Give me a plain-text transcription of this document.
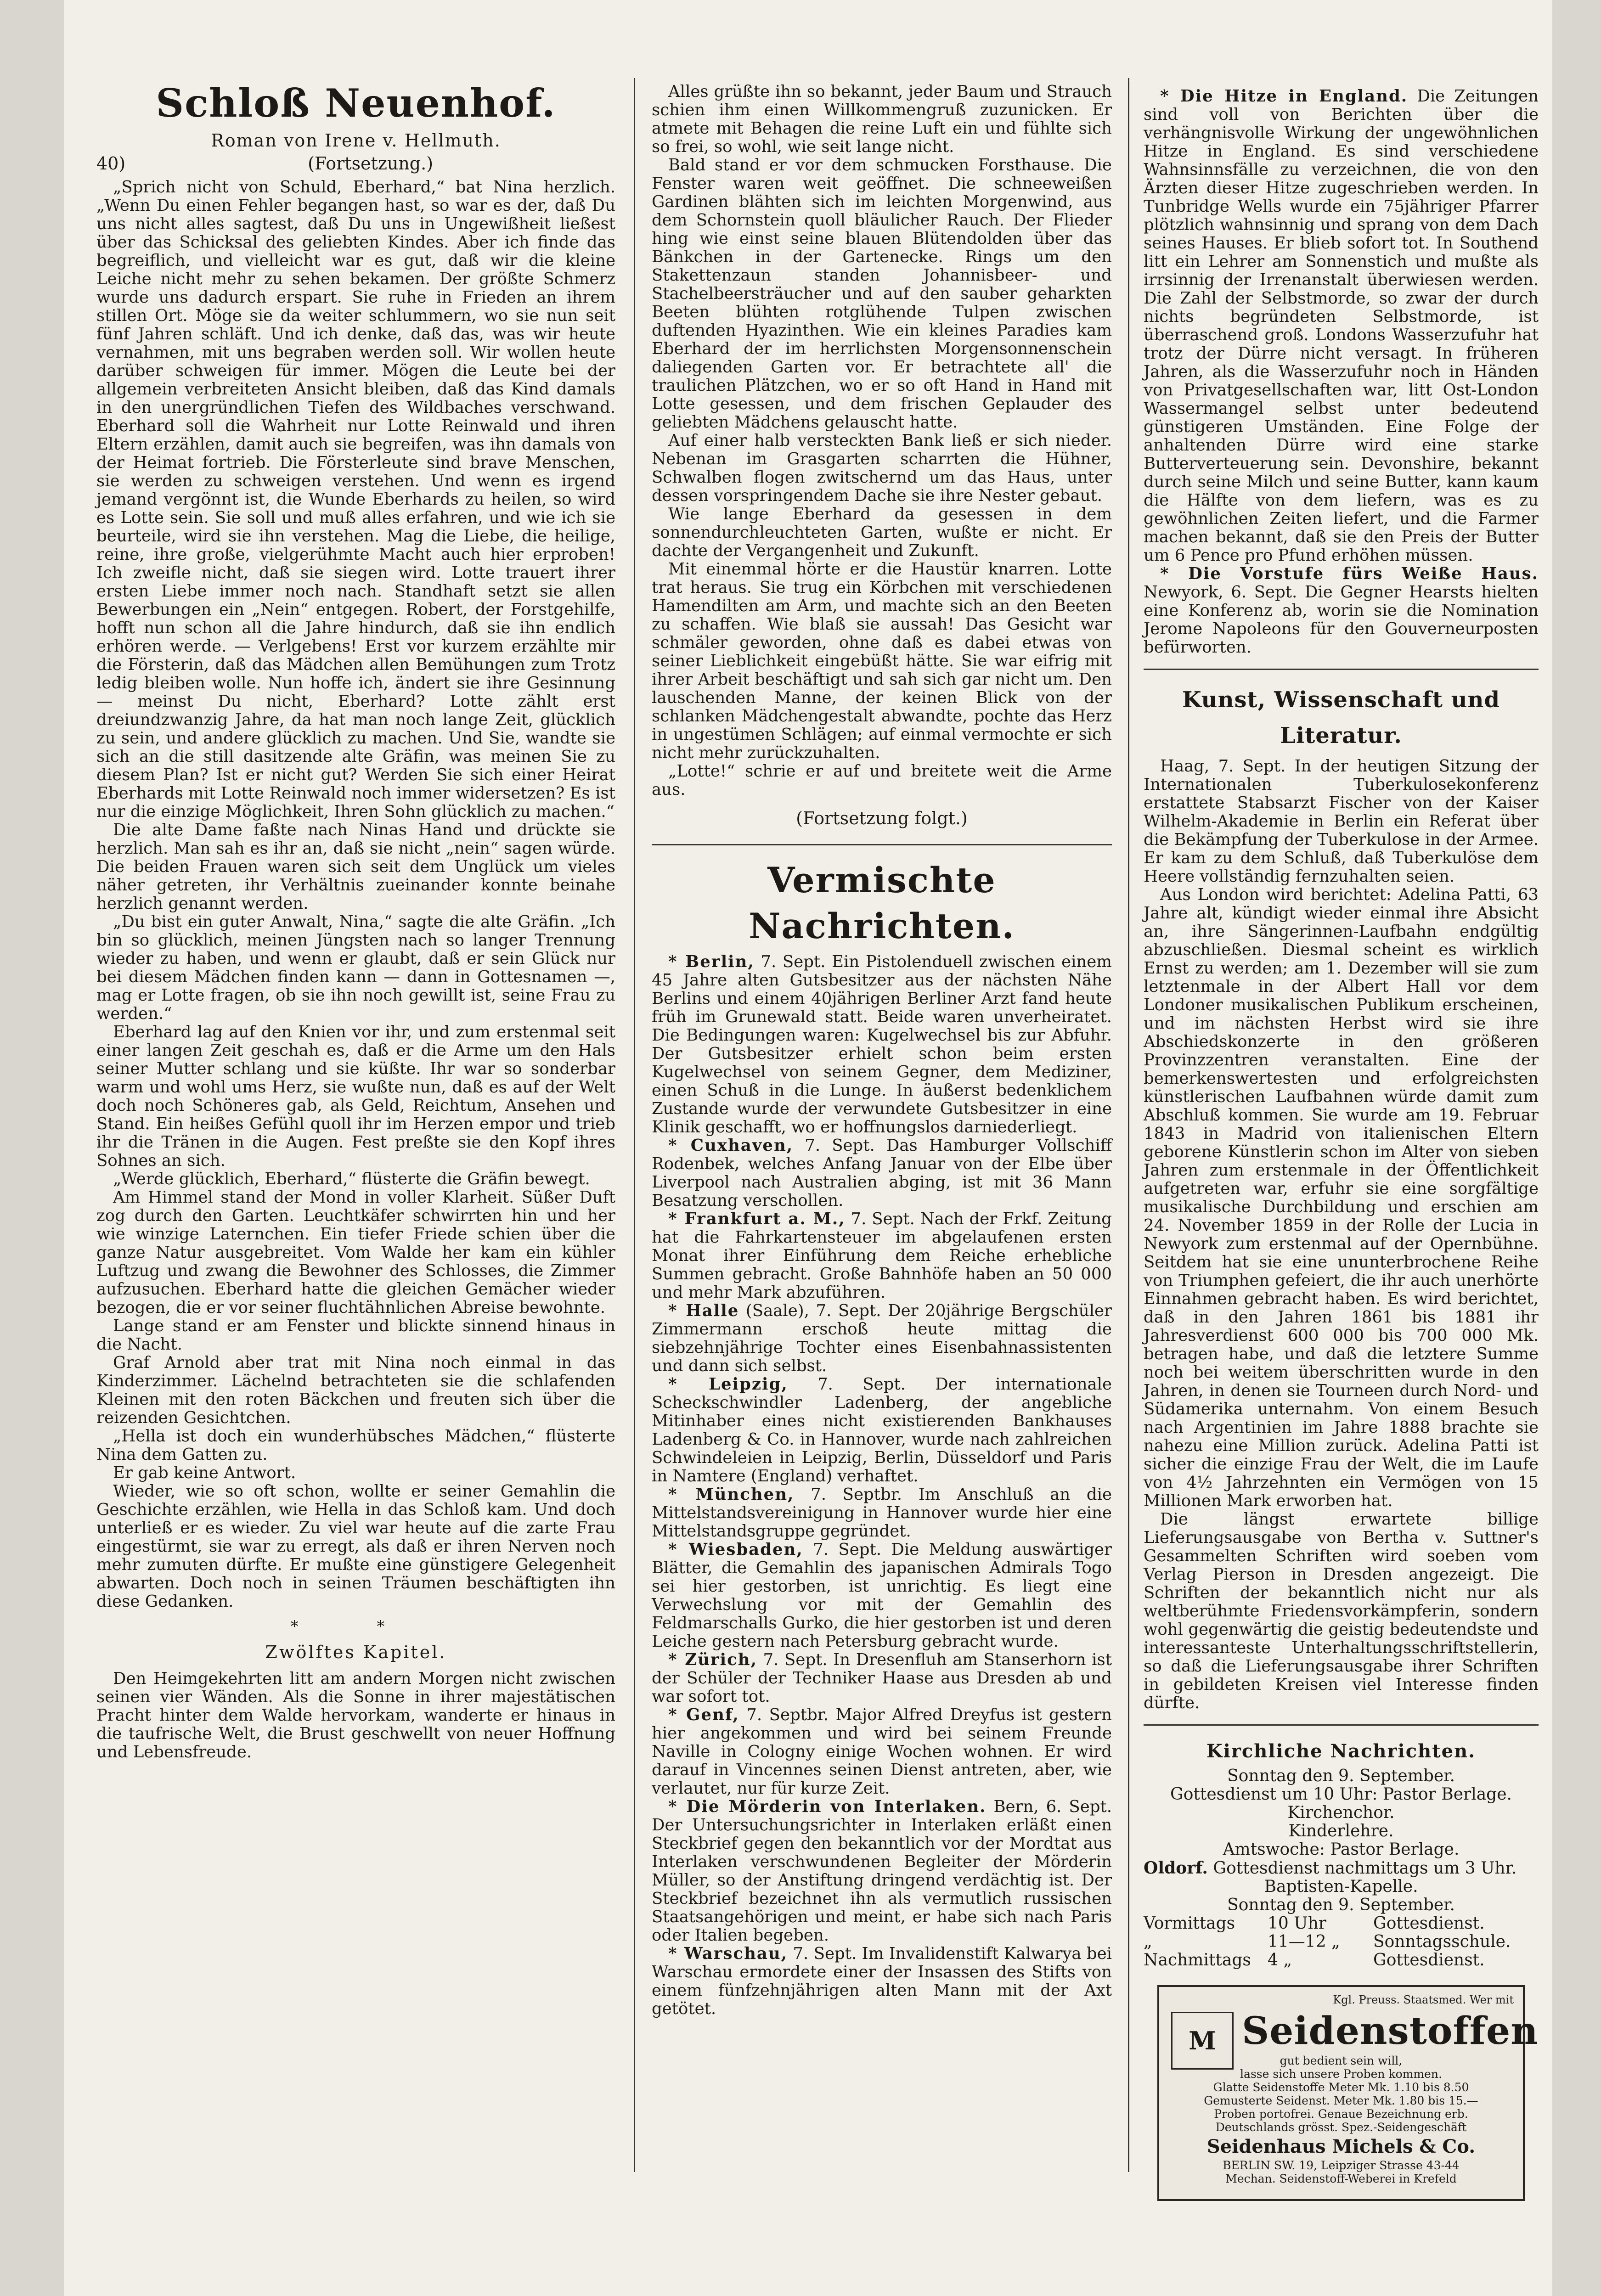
Schloß Neuenhof.

Roman von Irene v. Hellmuth.

40)	(Fortsetzung.)

„Sprich nicht von Schuld, Eberhard,“ bat Nina herzlich. „Wenn Du einen Fehler begangen hast, so war es der, daß Du uns nicht alles sagtest, daß Du uns in Ungewißheit ließest über das Schicksal des geliebten Kindes. Aber ich finde das begreiflich, und vielleicht war es gut, daß wir die kleine Leiche nicht mehr zu sehen bekamen. Der größte Schmerz wurde uns dadurch erspart. Sie ruhe in Frieden an ihrem stillen Ort. Möge sie da weiter schlummern, wo sie nun seit fünf Jahren schläft. Und ich denke, daß das, was wir heute vernahmen, mit uns begraben werden soll. Wir wollen heute darüber schweigen für immer. Mögen die Leute bei der allgemein verbreiteten Ansicht bleiben, daß das Kind damals in den unergründlichen Tiefen des Wildbaches verschwand. Eberhard soll die Wahrheit nur Lotte Reinwald und ihren Eltern erzählen, damit auch sie begreifen, was ihn damals von der Heimat fortrieb. Die Försterleute sind brave Menschen, sie werden zu schweigen verstehen. Und wenn es irgend jemand vergönnt ist, die Wunde Eberhards zu heilen, so wird es Lotte sein. Sie soll und muß alles erfahren, und wie ich sie beurteile, wird sie ihn verstehen. Mag die Liebe, die heilige, reine, ihre große, vielgerühmte Macht auch hier erproben! Ich zweifle nicht, daß sie siegen wird. Lotte trauert ihrer ersten Liebe immer noch nach. Standhaft setzt sie allen Bewerbungen ein „Nein“ entgegen. Robert, der Forstgehilfe, hofft nun schon all die Jahre hindurch, daß sie ihn endlich erhören werde. — Verlgebens! Erst vor kurzem erzählte mir die Försterin, daß das Mädchen allen Bemühungen zum Trotz ledig bleiben wolle. Nun hoffe ich, ändert sie ihre Gesinnung — meinst Du nicht, Eberhard? Lotte zählt erst dreiundzwanzig Jahre, da hat man noch lange Zeit, glücklich zu sein, und andere glücklich zu machen. Und Sie, wandte sie sich an die still dasitzende alte Gräfin, was meinen Sie zu diesem Plan? Ist er nicht gut? Werden Sie sich einer Heirat Eberhards mit Lotte Reinwald noch immer widersetzen? Es ist nur die einzige Möglichkeit, Ihren Sohn glücklich zu machen.“

Die alte Dame faßte nach Ninas Hand und drückte sie herzlich. Man sah es ihr an, daß sie nicht „nein“ sagen würde. Die beiden Frauen waren sich seit dem Unglück um vieles näher getreten, ihr Verhältnis zueinander konnte beinahe herzlich genannt werden.

„Du bist ein guter Anwalt, Nina,“ sagte die alte Gräfin. „Ich bin so glücklich, meinen Jüngsten nach so langer Trennung wieder zu haben, und wenn er glaubt, daß er sein Glück nur bei diesem Mädchen finden kann — dann in Gottesnamen —, mag er Lotte fragen, ob sie ihn noch gewillt ist, seine Frau zu werden.“

Eberhard lag auf den Knien vor ihr, und zum erstenmal seit einer langen Zeit geschah es, daß er die Arme um den Hals seiner Mutter schlang und sie küßte. Ihr war so sonderbar warm und wohl ums Herz, sie wußte nun, daß es auf der Welt doch noch Schöneres gab, als Geld, Reichtum, Ansehen und Stand. Ein heißes Gefühl quoll ihr im Herzen empor und trieb ihr die Tränen in die Augen. Fest preßte sie den Kopf ihres Sohnes an sich.

„Werde glücklich, Eberhard,“ flüsterte die Gräfin bewegt.

Am Himmel stand der Mond in voller Klarheit. Süßer Duft zog durch den Garten. Leuchtkäfer schwirrten hin und her wie winzige Laternchen. Ein tiefer Friede schien über die ganze Natur ausgebreitet. Vom Walde her kam ein kühler Luftzug und zwang die Bewohner des Schlosses, die Zimmer aufzusuchen. Eberhard hatte die gleichen Gemächer wieder bezogen, die er vor seiner fluchtähnlichen Abreise bewohnte.

Lange stand er am Fenster und blickte sinnend hinaus in die Nacht.

Graf Arnold aber trat mit Nina noch einmal in das Kinderzimmer. Lächelnd betrachteten sie die schlafenden Kleinen mit den roten Bäckchen und freuten sich über die reizenden Gesichtchen.

„Hella ist doch ein wunderhübsches Mädchen,“ flüsterte Nina dem Gatten zu.

Er gab keine Antwort.

Wieder, wie so oft schon, wollte er seiner Gemahlin die Geschichte erzählen, wie Hella in das Schloß kam. Und doch unterließ er es wieder. Zu viel war heute auf die zarte Frau eingestürmt, sie war zu erregt, als daß er ihren Nerven noch mehr zumuten dürfte. Er mußte eine günstigere Gelegenheit abwarten. Doch noch in seinen Träumen beschäftigten ihn diese Gedanken.

* *

Zwölftes Kapitel.

Den Heimgekehrten litt am andern Morgen nicht zwischen seinen vier Wänden. Als die Sonne in ihrer majestätischen Pracht hinter dem Walde hervorkam, wanderte er hinaus in die taufrische Welt, die Brust geschwellt von neuer Hoffnung und Lebensfreude.

Alles grüßte ihn so bekannt, jeder Baum und Strauch schien ihm einen Willkommengruß zuzunicken. Er atmete mit Behagen die reine Luft ein und fühlte sich so frei, so wohl, wie seit lange nicht.

Bald stand er vor dem schmucken Forsthause. Die Fenster waren weit geöffnet. Die schneeweißen Gardinen blähten sich im leichten Morgenwind, aus dem Schornstein quoll bläulicher Rauch. Der Flieder hing wie einst seine blauen Blütendolden über das Bänkchen in der Gartenecke. Rings um den Stakettenzaun standen Johannisbeer- und Stachelbeersträucher und auf den sauber geharkten Beeten blühten rotglühende Tulpen zwischen duftenden Hyazinthen. Wie ein kleines Paradies kam Eberhard der im herrlichsten Morgensonnenschein daliegenden Garten vor. Er betrachtete all' die traulichen Plätzchen, wo er so oft Hand in Hand mit Lotte gesessen, und dem frischen Geplauder des geliebten Mädchens gelauscht hatte.

Auf einer halb versteckten Bank ließ er sich nieder. Nebenan im Grasgarten scharrten die Hühner, Schwalben flogen zwitschernd um das Haus, unter dessen vorspringendem Dache sie ihre Nester gebaut.

Wie lange Eberhard da gesessen in dem sonnendurchleuchteten Garten, wußte er nicht. Er dachte der Vergangenheit und Zukunft.

Mit einemmal hörte er die Haustür knarren. Lotte trat heraus. Sie trug ein Körbchen mit verschiedenen Hamendilten am Arm, und machte sich an den Beeten zu schaffen. Wie blaß sie aussah! Das Gesicht war schmäler geworden, ohne daß es dabei etwas von seiner Lieblichkeit eingebüßt hätte. Sie war eifrig mit ihrer Arbeit beschäftigt und sah sich gar nicht um. Den lauschenden Manne, der keinen Blick von der schlanken Mädchengestalt abwandte, pochte das Herz in ungestümen Schlägen; auf einmal vermochte er sich nicht mehr zurückzuhalten.

„Lotte!“ schrie er auf und breitete weit die Arme aus.

(Fortsetzung folgt.)

Vermischte Nachrichten.

* Berlin, 7. Sept. Ein Pistolenduell zwischen einem 45 Jahre alten Gutsbesitzer aus der nächsten Nähe Berlins und einem 40jährigen Berliner Arzt fand heute früh im Grunewald statt. Beide waren unverheiratet. Die Bedingungen waren: Kugelwechsel bis zur Abfuhr. Der Gutsbesitzer erhielt schon beim ersten Kugelwechsel von seinem Gegner, dem Mediziner, einen Schuß in die Lunge. In äußerst bedenklichem Zustande wurde der verwundete Gutsbesitzer in eine Klinik geschafft, wo er hoffnungslos darniederliegt.

* Cuxhaven, 7. Sept. Das Hamburger Vollschiff Rodenbek, welches Anfang Januar von der Elbe über Liverpool nach Australien abging, ist mit 36 Mann Besatzung verschollen.

* Frankfurt a. M., 7. Sept. Nach der Frkf. Zeitung hat die Fahrkartensteuer im abgelaufenen ersten Monat ihrer Einführung dem Reiche erhebliche Summen gebracht. Große Bahnhöfe haben an 50 000 und mehr Mark abzuführen.

* Halle (Saale), 7. Sept. Der 20jährige Bergschüler Zimmermann erschoß heute mittag die siebzehnjährige Tochter eines Eisenbahnassistenten und dann sich selbst.

* Leipzig, 7. Sept. Der internationale Scheckschwindler Ladenberg, der angebliche Mitinhaber eines nicht existierenden Bankhauses Ladenberg & Co. in Hannover, wurde nach zahlreichen Schwindeleien in Leipzig, Berlin, Düsseldorf und Paris in Namtere (England) verhaftet.

* München, 7. Septbr. Im Anschluß an die Mittelstandsvereinigung in Hannover wurde hier eine Mittelstandsgruppe gegründet.

* Wiesbaden, 7. Sept. Die Meldung auswärtiger Blätter, die Gemahlin des japanischen Admirals Togo sei hier gestorben, ist unrichtig. Es liegt eine Verwechslung vor mit der Gemahlin des Feldmarschalls Gurko, die hier gestorben ist und deren Leiche gestern nach Petersburg gebracht wurde.

* Zürich, 7. Sept. In Dresenfluh am Stanserhorn ist der Schüler der Techniker Haase aus Dresden ab und war sofort tot.

* Genf, 7. Septbr. Major Alfred Dreyfus ist gestern hier angekommen und wird bei seinem Freunde Naville in Cologny einige Wochen wohnen. Er wird darauf in Vincennes seinen Dienst antreten, aber, wie verlautet, nur für kurze Zeit.

* Die Mörderin von Interlaken. Bern, 6. Sept. Der Untersuchungsrichter in Interlaken erläßt einen Steckbrief gegen den bekanntlich vor der Mordtat aus Interlaken verschwundenen Begleiter der Mörderin Müller, so der Anstiftung dringend verdächtig ist. Der Steckbrief bezeichnet ihn als vermutlich russischen Staatsangehörigen und meint, er habe sich nach Paris oder Italien begeben.

* Warschau, 7. Sept. Im Invalidenstift Kalwarya bei Warschau ermordete einer der Insassen des Stifts von einem fünfzehnjährigen alten Mann mit der Axt getötet.

* Die Hitze in England. Die Zeitungen sind voll von Berichten über die verhängnisvolle Wirkung der ungewöhnlichen Hitze in England. Es sind verschiedene Wahnsinnsfälle zu verzeichnen, die von den Ärzten dieser Hitze zugeschrieben werden. In Tunbridge Wells wurde ein 75jähriger Pfarrer plötzlich wahnsinnig und sprang von dem Dach seines Hauses. Er blieb sofort tot. In Southend litt ein Lehrer am Sonnenstich und mußte als irrsinnig der Irrenanstalt überwiesen werden. Die Zahl der Selbstmorde, so zwar der durch nichts begründeten Selbstmorde, ist überraschend groß. Londons Wasserzufuhr hat trotz der Dürre nicht versagt. In früheren Jahren, als die Wasserzufuhr noch in Händen von Privatgesellschaften war, litt Ost-London Wassermangel selbst unter bedeutend günstigeren Umständen. Eine Folge der anhaltenden Dürre wird eine starke Butterverteuerung sein. Devonshire, bekannt durch seine Milch und seine Butter, kann kaum die Hälfte von dem liefern, was es zu gewöhnlichen Zeiten liefert, und die Farmer machen bekannt, daß sie den Preis der Butter um 6 Pence pro Pfund erhöhen müssen.

* Die Vorstufe fürs Weiße Haus. Newyork, 6. Sept. Die Gegner Hearsts hielten eine Konferenz ab, worin sie die Nomination Jerome Napoleons für den Gouverneurposten befürworten.

Kunst, Wissenschaft und Literatur.

Haag, 7. Sept. In der heutigen Sitzung der Internationalen Tuberkulosekonferenz erstattete Stabsarzt Fischer von der Kaiser Wilhelm-Akademie in Berlin ein Referat über die Bekämpfung der Tuberkulose in der Armee. Er kam zu dem Schluß, daß Tuberkulöse dem Heere vollständig fernzuhalten seien.

Aus London wird berichtet: Adelina Patti, 63 Jahre alt, kündigt wieder einmal ihre Absicht an, ihre Sängerinnen-Laufbahn endgültig abzuschließen. Diesmal scheint es wirklich Ernst zu werden; am 1. Dezember will sie zum letztenmale in der Albert Hall vor dem Londoner musikalischen Publikum erscheinen, und im nächsten Herbst wird sie ihre Abschiedskonzerte in den größeren Provinzzentren veranstalten. Eine der bemerkenswertesten und erfolgreichsten künstlerischen Laufbahnen würde damit zum Abschluß kommen. Sie wurde am 19. Februar 1843 in Madrid von italienischen Eltern geborene Künstlerin schon im Alter von sieben Jahren zum erstenmale in der Öffentlichkeit aufgetreten war, erfuhr sie eine sorgfältige musikalische Durchbildung und erschien am 24. November 1859 in der Rolle der Lucia in Newyork zum erstenmal auf der Opernbühne. Seitdem hat sie eine ununterbrochene Reihe von Triumphen gefeiert, die ihr auch unerhörte Einnahmen gebracht haben. Es wird berichtet, daß in den Jahren 1861 bis 1881 ihr Jahresverdienst 600 000 bis 700 000 Mk. betragen habe, und daß die letztere Summe noch bei weitem überschritten wurde in den Jahren, in denen sie Tourneen durch Nord- und Südamerika unternahm. Von einem Besuch nach Argentinien im Jahre 1888 brachte sie nahezu eine Million zurück. Adelina Patti ist sicher die einzige Frau der Welt, die im Laufe von 4½ Jahrzehnten ein Vermögen von 15 Millionen Mark erworben hat.

Die längst erwartete billige Lieferungsausgabe von Bertha v. Suttner's Gesammelten Schriften wird soeben vom Verlag Pierson in Dresden angezeigt. Die Schriften der bekanntlich nicht nur als weltberühmte Friedensvorkämpferin, sondern wohl gegenwärtig die geistig bedeutendste und interessanteste Unterhaltungsschriftstellerin, so daß die Lieferungsausgabe ihrer Schriften in gebildeten Kreisen viel Interesse finden dürfte.

Kirchliche Nachrichten.

Sonntag den 9. September.

Gottesdienst um 10 Uhr: Pastor Berlage.

Kirchenchor.

Kinderlehre.

Amtswoche: Pastor Berlage.

Oldorf. Gottesdienst nachmittags um 3 Uhr.

Baptisten-Kapelle.

Sonntag den 9. September.

Vormittags	10 Uhr	Gottesdienst.
„	11—12 „	Sonntagsschule.
Nachmittags	4 „	Gottesdienst.

Kgl. Preuss. Staatsmed. Wer mit

M Seidenstoffen

gut bedient sein will,

lasse sich unsere Proben kommen.

Glatte Seidenstoffe Meter Mk. 1.10 bis 8.50

Gemusterte Seidenst. Meter Mk. 1.80 bis 15.—

Proben portofrei. Genaue Bezeichnung erb.

Deutschlands grösst. Spez.-Seidengeschäft

Seidenhaus Michels & Co.

BERLIN SW. 19, Leipziger Strasse 43-44

Mechan. Seidenstoff-Weberei in Krefeld
